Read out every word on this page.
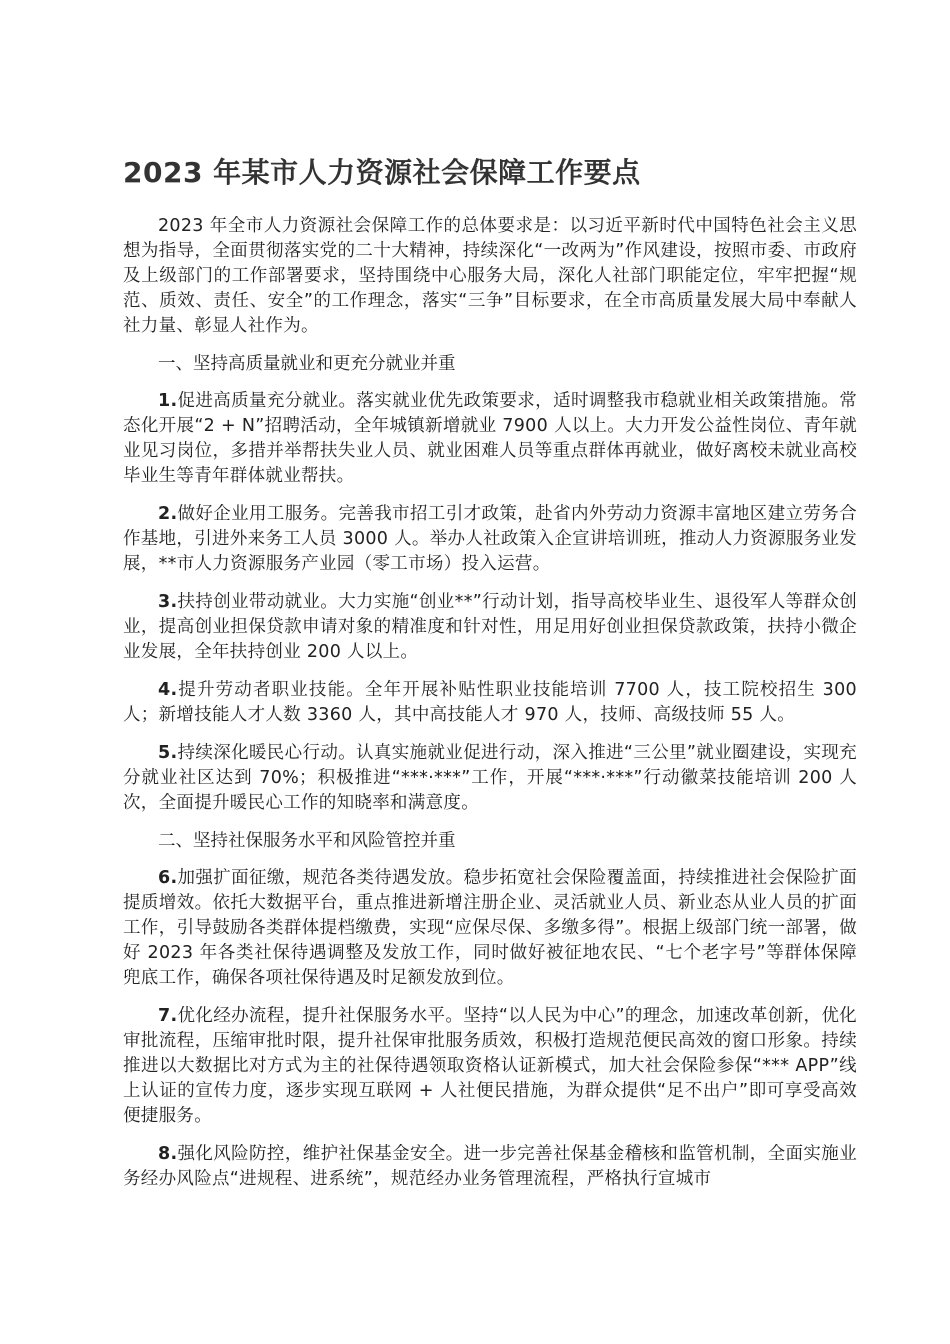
2023 年某市人力资源社会保障工作要点

2023 年全市人力资源社会保障工作的总体要求是：以习近平新时代中国特色社会主义思想为指导，全面贯彻落实党的二十大精神，持续深化“一改两为”作风建设，按照市委、市政府及上级部门的工作部署要求，坚持围绕中心服务大局，深化人社部门职能定位，牢牢把握“规范、质效、责任、安全”的工作理念，落实“三争”目标要求，在全市高质量发展大局中奉献人社力量、彰显人社作为。

一、坚持高质量就业和更充分就业并重

1.促进高质量充分就业。落实就业优先政策要求，适时调整我市稳就业相关政策措施。常态化开展“2 + N”招聘活动，全年城镇新增就业 7900 人以上。大力开发公益性岗位、青年就业见习岗位，多措并举帮扶失业人员、就业困难人员等重点群体再就业，做好离校未就业高校毕业生等青年群体就业帮扶。

2.做好企业用工服务。完善我市招工引才政策，赴省内外劳动力资源丰富地区建立劳务合作基地，引进外来务工人员 3000 人。举办人社政策入企宣讲培训班，推动人力资源服务业发展，**市人力资源服务产业园（零工市场）投入运营。

3.扶持创业带动就业。大力实施“创业**”行动计划，指导高校毕业生、退役军人等群众创业，提高创业担保贷款申请对象的精准度和针对性，用足用好创业担保贷款政策，扶持小微企业发展，全年扶持创业 200 人以上。

4.提升劳动者职业技能。全年开展补贴性职业技能培训 7700 人，技工院校招生 300 人；新增技能人才人数 3360 人，其中高技能人才 970 人，技师、高级技师 55 人。

5.持续深化暖民心行动。认真实施就业促进行动，深入推进“三公里”就业圈建设，实现充分就业社区达到 70%；积极推进“***·***”工作，开展“***·***”行动徽菜技能培训 200 人次，全面提升暖民心工作的知晓率和满意度。

二、坚持社保服务水平和风险管控并重

6.加强扩面征缴，规范各类待遇发放。稳步拓宽社会保险覆盖面，持续推进社会保险扩面提质增效。依托大数据平台，重点推进新增注册企业、灵活就业人员、新业态从业人员的扩面工作，引导鼓励各类群体提档缴费，实现“应保尽保、多缴多得”。根据上级部门统一部署，做好 2023 年各类社保待遇调整及发放工作，同时做好被征地农民、“七个老字号”等群体保障兜底工作，确保各项社保待遇及时足额发放到位。

7.优化经办流程，提升社保服务水平。坚持“以人民为中心”的理念，加速改革创新，优化审批流程，压缩审批时限，提升社保审批服务质效，积极打造规范便民高效的窗口形象。持续推进以大数据比对方式为主的社保待遇领取资格认证新模式，加大社会保险参保“*** APP”线上认证的宣传力度，逐步实现互联网 + 人社便民措施，为群众提供“足不出户”即可享受高效便捷服务。

8.强化风险防控，维护社保基金安全。进一步完善社保基金稽核和监管机制，全面实施业务经办风险点“进规程、进系统”，规范经办业务管理流程，严格执行宣城市
